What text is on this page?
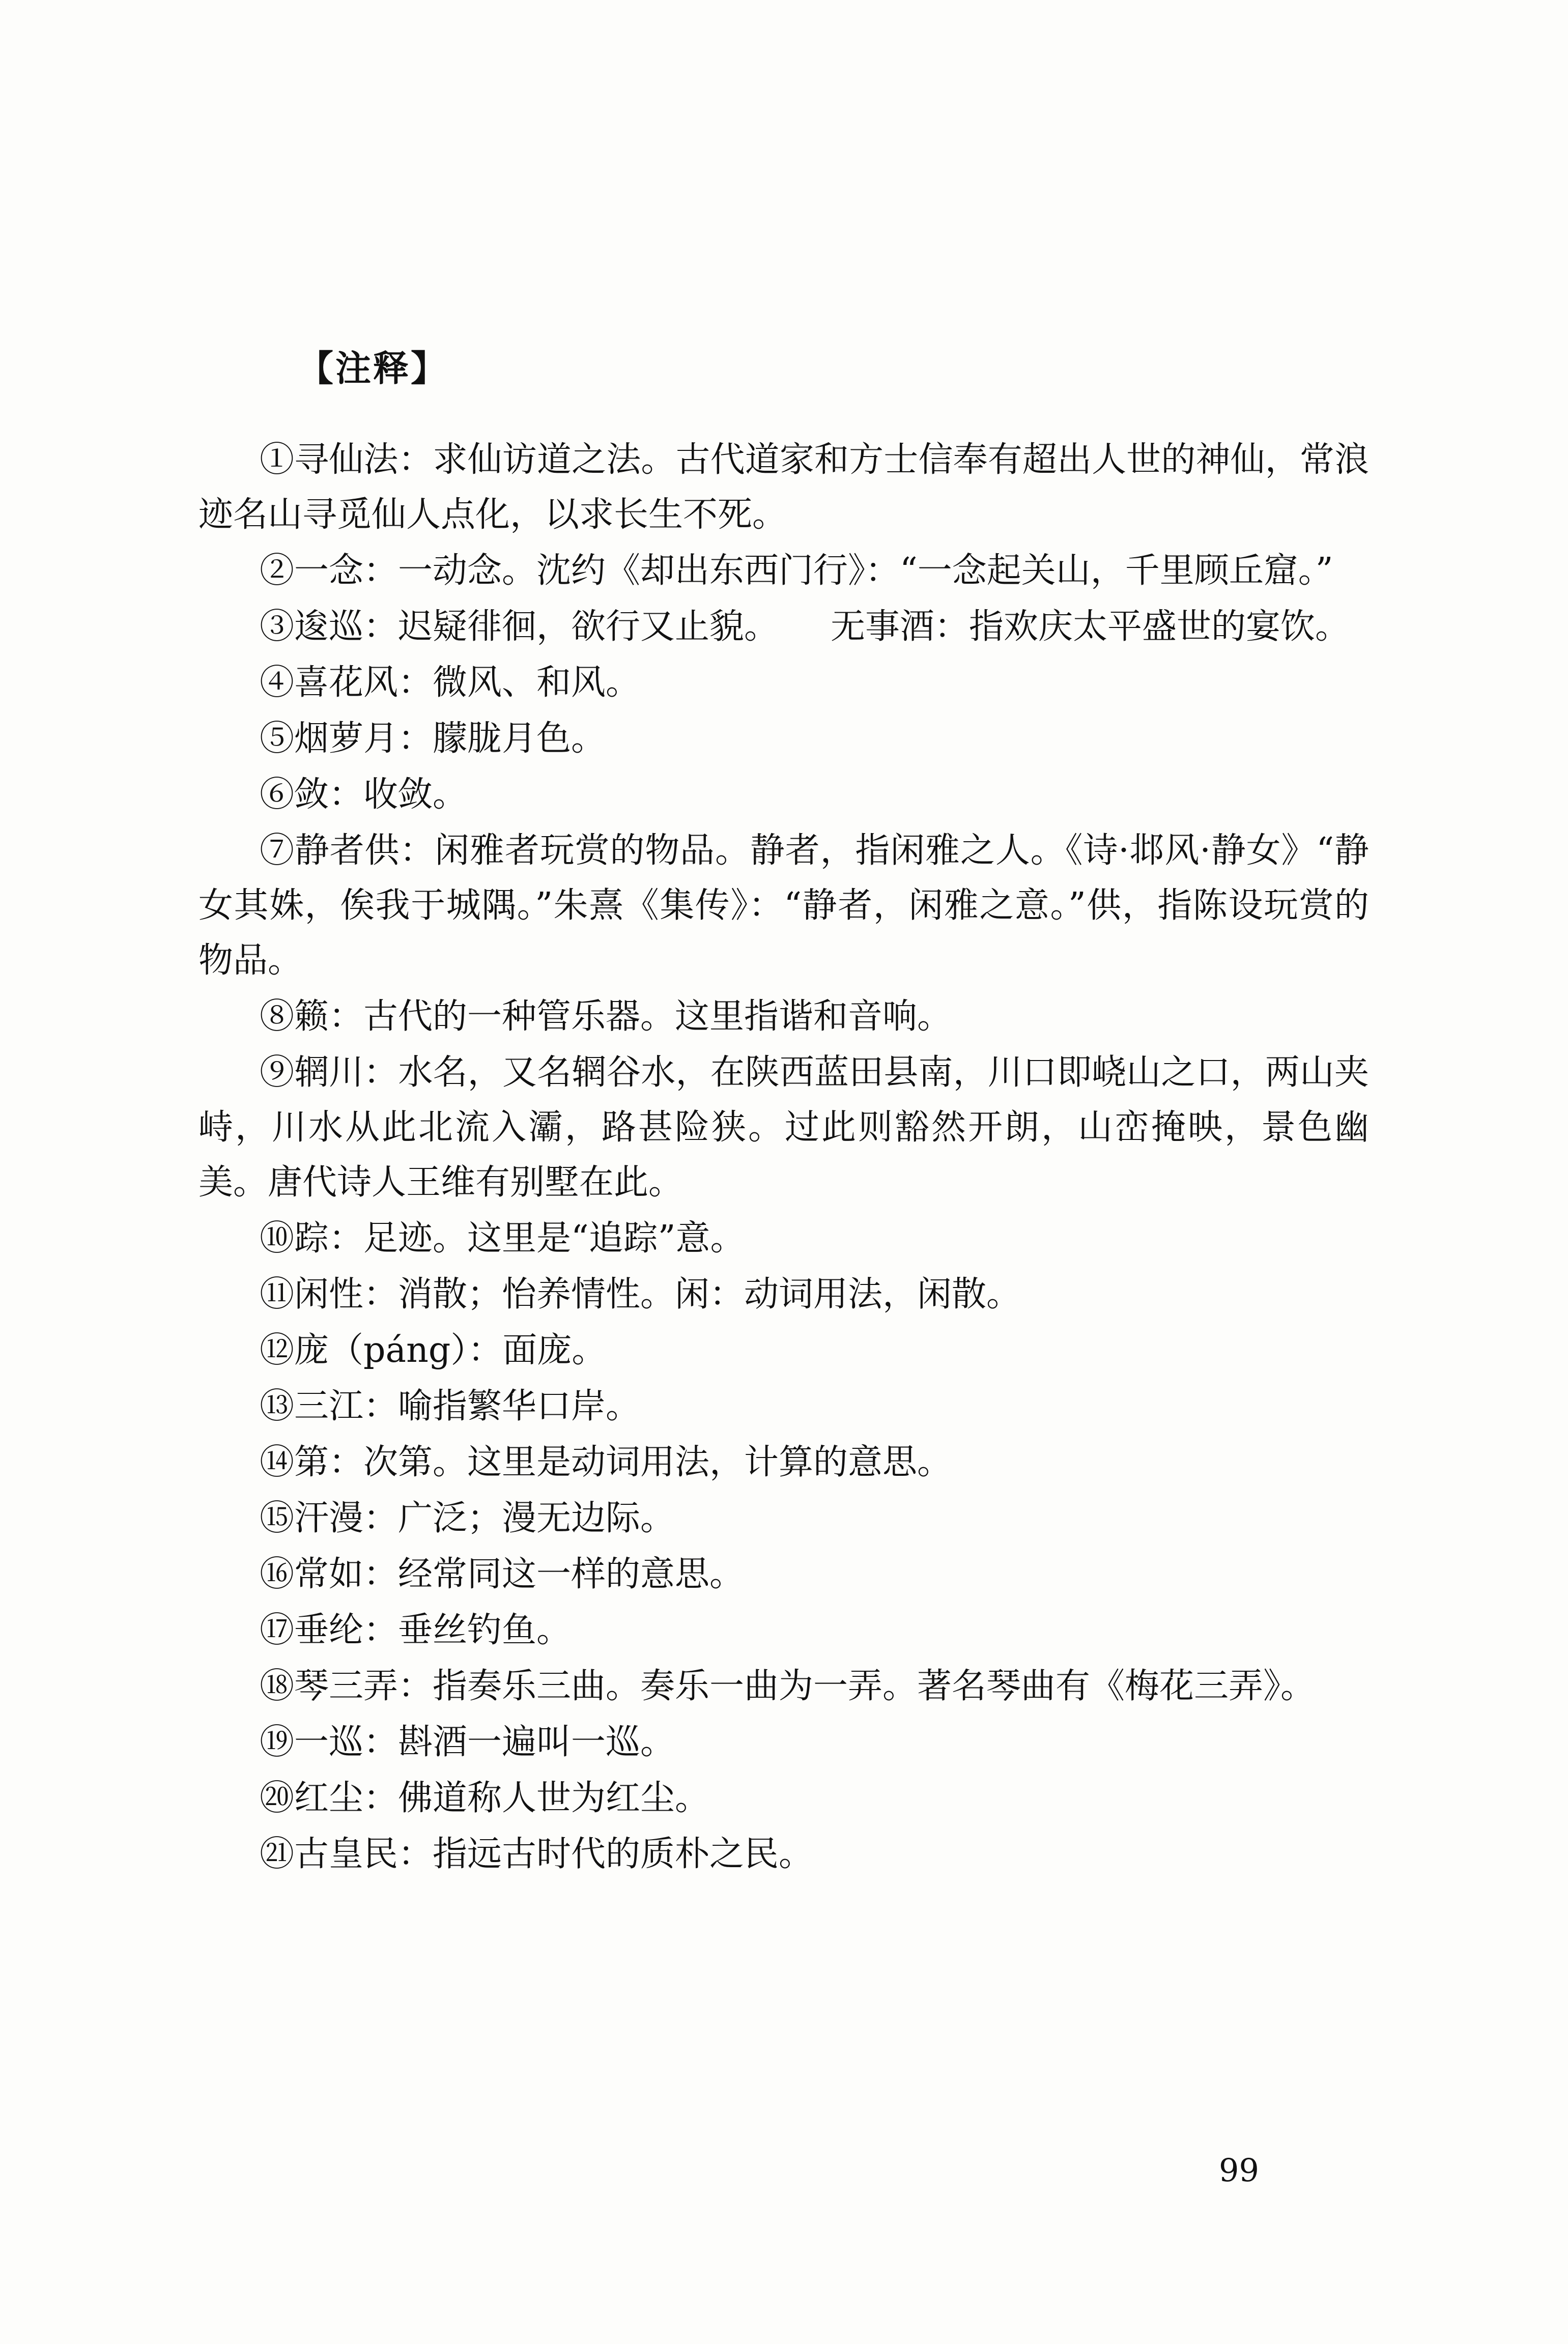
【注释】
①寻仙法：求仙访道之法。古代道家和方士信奉有超出人世的神仙，常浪迹名山寻觅仙人点化，以求长生不死。
②一念：一动念。沈约《却出东西门行》：“一念起关山，千里顾丘窟。”
③逡巡：迟疑徘徊，欲行又止貌。　　无事酒：指欢庆太平盛世的宴饮。
④喜花风：微风、和风。
⑤烟萝月：朦胧月色。
⑥敛：收敛。
⑦静者供：闲雅者玩赏的物品。静者，指闲雅之人。《诗·邶风·静女》“静女其姝，俟我于城隅。”朱熹《集传》：“静者，闲雅之意。”供，指陈设玩赏的物品。
⑧籁：古代的一种管乐器。这里指谐和音响。
⑨辋川：水名，又名辋谷水，在陕西蓝田县南，川口即峣山之口，两山夹峙，川水从此北流入灞，路甚险狭。过此则豁然开朗，山峦掩映，景色幽美。唐代诗人王维有别墅在此。
⑩踪：足迹。这里是“追踪”意。
⑪闲性：消散；怡养情性。闲：动词用法，闲散。
⑫庞（páng）：面庞。
⑬三江：喻指繁华口岸。
⑭第：次第。这里是动词用法，计算的意思。
⑮汗漫：广泛；漫无边际。
⑯常如：经常同这一样的意思。
⑰垂纶：垂丝钓鱼。
⑱琴三弄：指奏乐三曲。奏乐一曲为一弄。著名琴曲有《梅花三弄》。
⑲一巡：斟酒一遍叫一巡。
⑳红尘：佛道称人世为红尘。
㉑古皇民：指远古时代的质朴之民。
99
